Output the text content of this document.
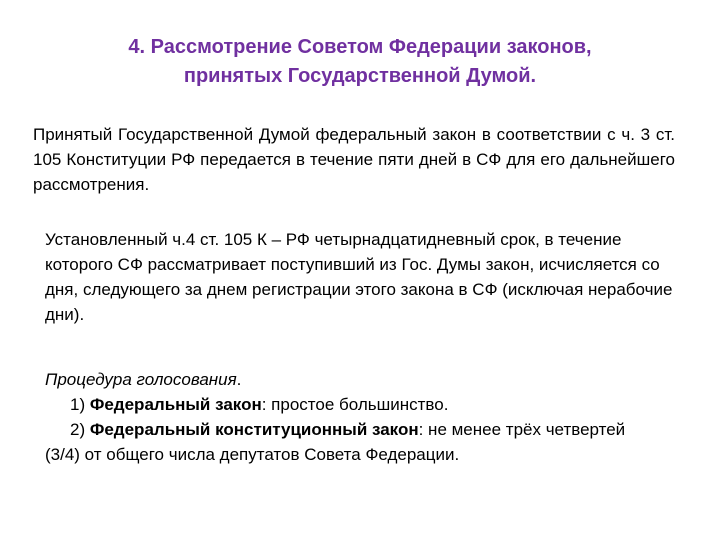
4. Рассмотрение Советом Федерации законов,
принятых Государственной Думой.
Принятый Государственной Думой федеральный закон в соответствии с ч. 3 ст. 105 Конституции РФ передается в течение пяти дней в СФ для его дальнейшего рассмотрения.
Установленный ч.4 ст. 105 К – РФ четырнадцатидневный срок, в течение которого СФ рассматривает поступивший из Гос. Думы закон, исчисляется со дня, следующего за днем регистрации этого закона в СФ (исключая нерабочие дни).
Процедура голосования.
1) Федеральный закон: простое большинство.
2) Федеральный конституционный закон: не менее трёх четвертей
(3/4) от общего числа депутатов Совета Федерации.
